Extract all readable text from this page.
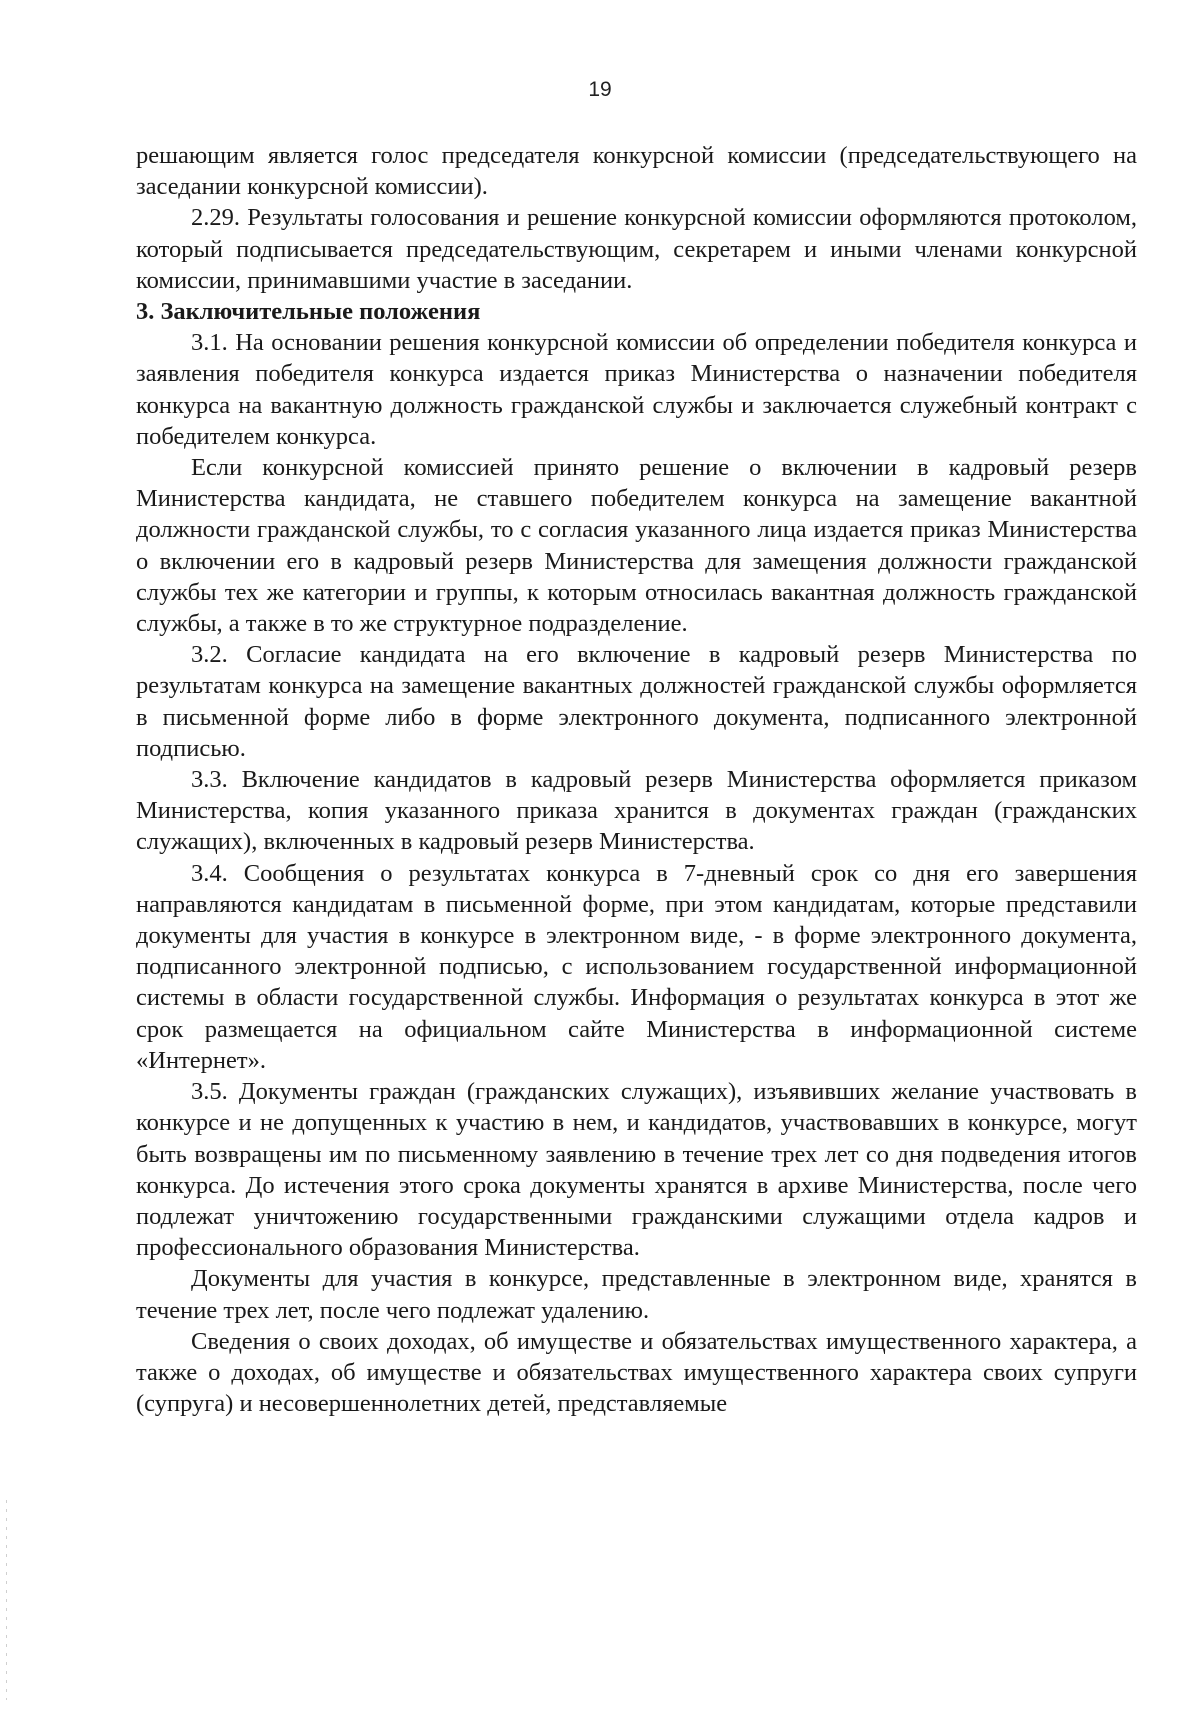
19

решающим является голос председателя конкурсной комиссии (председательствующего на заседании конкурсной комиссии).

2.29. Результаты голосования и решение конкурсной комиссии оформляются протоколом, который подписывается председательствующим, секретарем и иными членами конкурсной комиссии, принимавшими участие в заседании.

3. Заключительные положения

3.1. На основании решения конкурсной комиссии об определении победителя конкурса и заявления победителя конкурса издается приказ Министерства о назначении победителя конкурса на вакантную должность гражданской службы и заключается служебный контракт с победителем конкурса.

Если конкурсной комиссией принято решение о включении в кадровый резерв Министерства кандидата, не ставшего победителем конкурса на замещение вакантной должности гражданской службы, то с согласия указанного лица издается приказ Министерства о включении его в кадровый резерв Министерства для замещения должности гражданской службы тех же категории и группы, к которым относилась вакантная должность гражданской службы, а также в то же структурное подразделение.

3.2. Согласие кандидата на его включение в кадровый резерв Министерства по результатам конкурса на замещение вакантных должностей гражданской службы оформляется в письменной форме либо в форме электронного документа, подписанного электронной подписью.

3.3. Включение кандидатов в кадровый резерв Министерства оформляется приказом Министерства, копия указанного приказа хранится в документах граждан (гражданских служащих), включенных в кадровый резерв Министерства.

3.4. Сообщения о результатах конкурса в 7-дневный срок со дня его завершения направляются кандидатам в письменной форме, при этом кандидатам, которые представили документы для участия в конкурсе в электронном виде, - в форме электронного документа, подписанного электронной подписью, с использованием государственной информационной системы в области государственной службы. Информация о результатах конкурса в этот же срок размещается на официальном сайте Министерства в информационной системе «Интернет».

3.5. Документы граждан (гражданских служащих), изъявивших желание участвовать в конкурсе и не допущенных к участию в нем, и кандидатов, участвовавших в конкурсе, могут быть возвращены им по письменному заявлению в течение трех лет со дня подведения итогов конкурса. До истечения этого срока документы хранятся в архиве Министерства, после чего подлежат уничтожению государственными гражданскими служащими отдела кадров и профессионального образования Министерства.

Документы для участия в конкурсе, представленные в электронном виде, хранятся в течение трех лет, после чего подлежат удалению.

Сведения о своих доходах, об имуществе и обязательствах имущественного характера, а также о доходах, об имуществе и обязательствах имущественного характера своих супруги (супруга) и несовершеннолетних детей, представляемые
